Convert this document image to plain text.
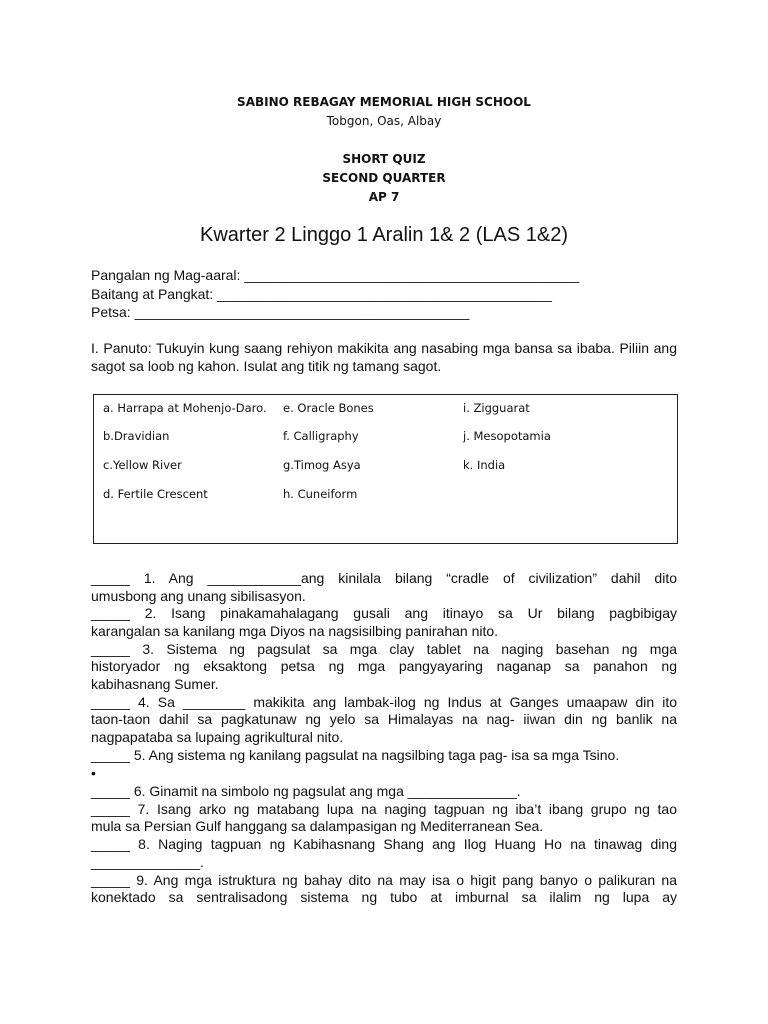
SABINO REBAGAY MEMORIAL HIGH SCHOOL
Tobgon, Oas, Albay
SHORT QUIZ
SECOND QUARTER
AP 7
Kwarter 2 Linggo 1 Aralin 1& 2 (LAS 1&2)
Pangalan ng Mag-aaral: ___________________________________________
Baitang at Pangkat: ___________________________________________
Petsa: ___________________________________________
I. Panuto: Tukuyin kung saang rehiyon makikita ang nasabing mga bansa sa ibaba. Piliin ang sagot sa loob ng kahon. Isulat ang titik ng tamang sagot.
a. Harrapa at Mohenjo-Daro.
b.Dravidian
c.Yellow River
d. Fertile Crescent
e. Oracle Bones
f. Calligraphy
g.Timog Asya
h. Cuneiform
i. Zigguarat
j. Mesopotamia
k. India
_____ 1. Ang ____________ang kinilala bilang “cradle of civilization” dahil dito
umusbong ang unang sibilisasyon.
_____ 2. Isang pinakamahalagang gusali ang itinayo sa Ur bilang pagbibigay
karangalan sa kanilang mga Diyos na nagsisilbing panirahan nito.
_____ 3. Sistema ng pagsulat sa mga clay tablet na naging basehan ng mga
historyador ng eksaktong petsa ng mga pangyayaring naganap sa panahon ng
kabihasnang Sumer.
_____ 4. Sa ________ makikita ang lambak-ilog ng Indus at Ganges umaapaw din ito
taon-taon dahil sa pagkatunaw ng yelo sa Himalayas na nag- iiwan din ng banlik na
nagpapataba sa lupaing agrikultural nito.
_____ 5. Ang sistema ng kanilang pagsulat na nagsilbing taga pag- isa sa mga Tsino.
•
_____ 6. Ginamit na simbolo ng pagsulat ang mga ______________.
_____ 7. Isang arko ng matabang lupa na naging tagpuan ng iba’t ibang grupo ng tao
mula sa Persian Gulf hanggang sa dalampasigan ng Mediterranean Sea.
_____ 8. Naging tagpuan ng Kabihasnang Shang ang Ilog Huang Ho na tinawag ding
______________.
_____ 9. Ang mga istruktura ng bahay dito na may isa o higit pang banyo o palikuran na
konektado sa sentralisadong sistema ng tubo at imburnal sa ilalim ng lupa ay
